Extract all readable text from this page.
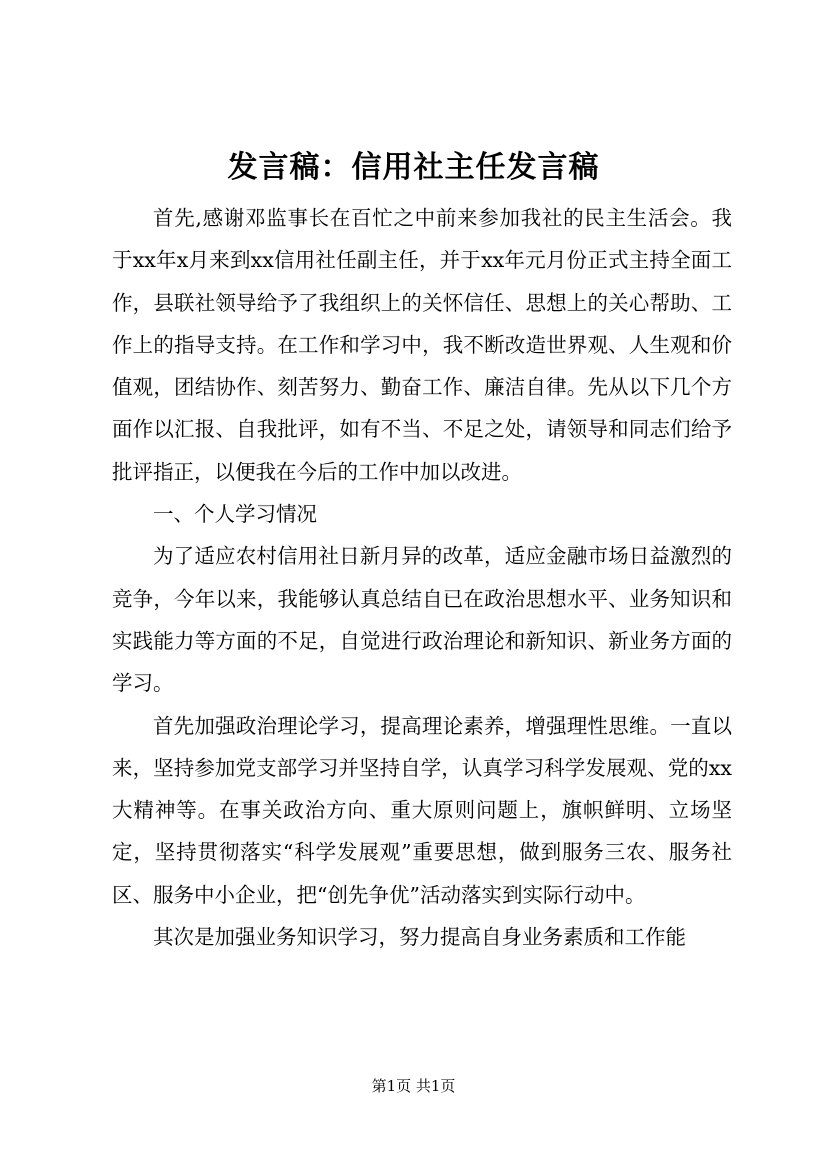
发言稿：信用社主任发言稿

首先,感谢邓监事长在百忙之中前来参加我社的民主生活会。我于xx年x月来到xx信用社任副主任，并于xx年元月份正式主持全面工作，县联社领导给予了我组织上的关怀信任、思想上的关心帮助、工作上的指导支持。在工作和学习中，我不断改造世界观、人生观和价值观，团结协作、刻苦努力、勤奋工作、廉洁自律。先从以下几个方面作以汇报、自我批评，如有不当、不足之处，请领导和同志们给予批评指正，以便我在今后的工作中加以改进。

一、个人学习情况

为了适应农村信用社日新月异的改革，适应金融市场日益激烈的竞争，今年以来，我能够认真总结自已在政治思想水平、业务知识和实践能力等方面的不足，自觉进行政治理论和新知识、新业务方面的学习。

首先加强政治理论学习，提高理论素养，增强理性思维。一直以来，坚持参加党支部学习并坚持自学，认真学习科学发展观、党的xx大精神等。在事关政治方向、重大原则问题上，旗帜鲜明、立场坚定，坚持贯彻落实“科学发展观”重要思想，做到服务三农、服务社区、服务中小企业，把“创先争优”活动落实到实际行动中。

其次是加强业务知识学习，努力提高自身业务素质和工作能

第1页 共1页
